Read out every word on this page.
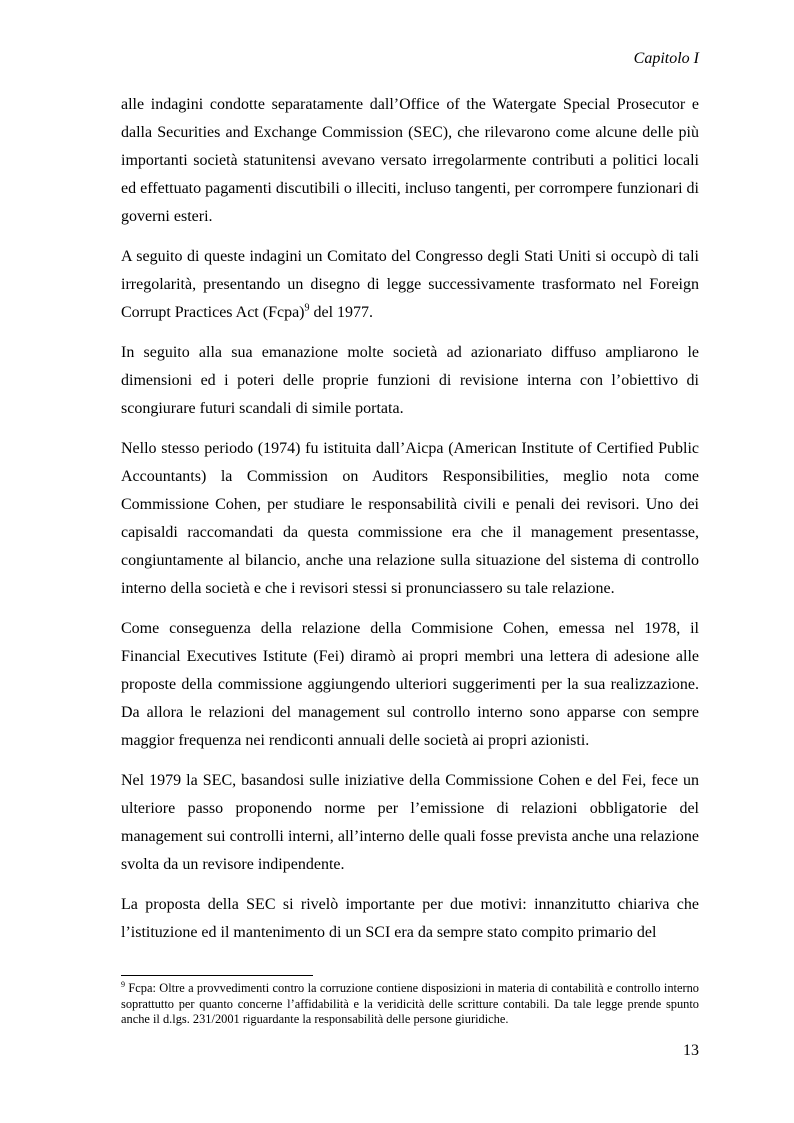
Capitolo I

alle indagini condotte separatamente dall’Office of the Watergate Special Prosecutor e dalla Securities and Exchange Commission (SEC), che rilevarono come alcune delle più importanti società statunitensi avevano versato irregolarmente contributi a politici locali ed effettuato pagamenti discutibili o illeciti, incluso tangenti, per corrompere funzionari di governi esteri.

A seguito di queste indagini un Comitato del Congresso degli Stati Uniti si occupò di tali irregolarità, presentando un disegno di legge successivamente trasformato nel Foreign Corrupt Practices Act (Fcpa)$^9$ del 1977.

In seguito alla sua emanazione molte società ad azionariato diffuso ampliarono le dimensioni ed i poteri delle proprie funzioni di revisione interna con l’obiettivo di scongiurare futuri scandali di simile portata.

Nello stesso periodo (1974) fu istituita dall’Aicpa (American Institute of Certified Public Accountants) la Commission on Auditors Responsibilities, meglio nota come Commissione Cohen, per studiare le responsabilità civili e penali dei revisori. Uno dei capisaldi raccomandati da questa commissione era che il management presentasse, congiuntamente al bilancio, anche una relazione sulla situazione del sistema di controllo interno della società e che i revisori stessi si pronunciassero su tale relazione.

Come conseguenza della relazione della Commisione Cohen, emessa nel 1978, il Financial Executives Istitute (Fei) diramò ai propri membri una lettera di adesione alle proposte della commissione aggiungendo ulteriori suggerimenti per la sua realizzazione. Da allora le relazioni del management sul controllo interno sono apparse con sempre maggior frequenza nei rendiconti annuali delle società ai propri azionisti.

Nel 1979 la SEC, basandosi sulle iniziative della Commissione Cohen e del Fei, fece un ulteriore passo proponendo norme per l’emissione di relazioni obbligatorie del management sui controlli interni, all’interno delle quali fosse prevista anche una relazione svolta da un revisore indipendente.

La proposta della SEC si rivelò importante per due motivi: innanzitutto chiariva che l’istituzione ed il mantenimento di un SCI era da sempre stato compito primario del

$^9$ Fcpa: Oltre a provvedimenti contro la corruzione contiene disposizioni in materia di contabilità e controllo interno soprattutto per quanto concerne l’affidabilità e la veridicità delle scritture contabili. Da tale legge prende spunto anche il d.lgs. 231/2001 riguardante la responsabilità delle persone giuridiche.
13
